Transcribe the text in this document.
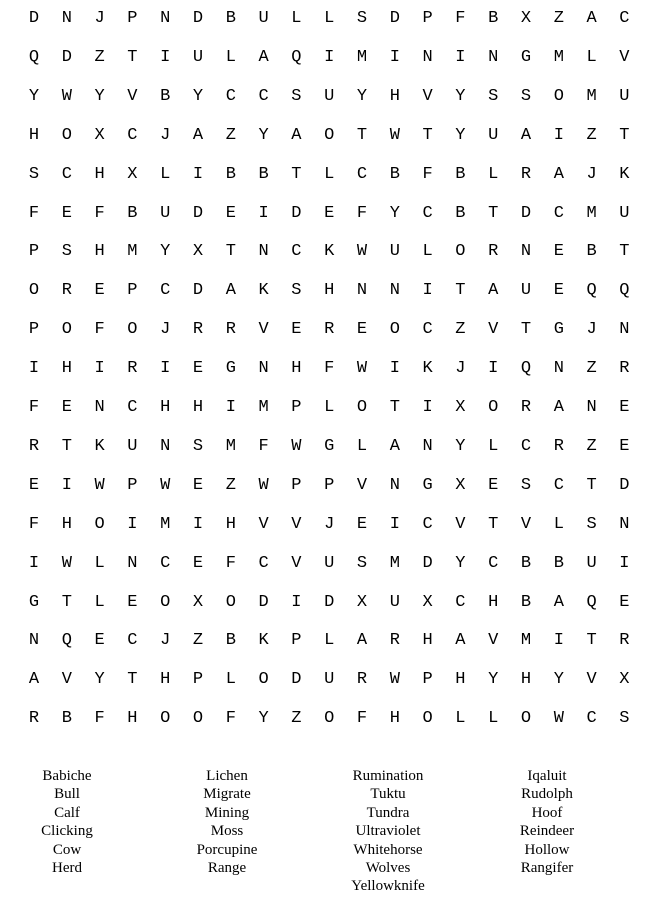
D	N	J	P	N	D	B	U	L	L	S	D	P	F	B	X	Z	A	C
Q	D	Z	T	I	U	L	A	Q	I	M	I	N	I	N	G	M	L	V
Y	W	Y	V	B	Y	C	C	S	U	Y	H	V	Y	S	S	O	M	U
H	O	X	C	J	A	Z	Y	A	O	T	W	T	Y	U	A	I	Z	T
S	C	H	X	L	I	B	B	T	L	C	B	F	B	L	R	A	J	K
F	E	F	B	U	D	E	I	D	E	F	Y	C	B	T	D	C	M	U
P	S	H	M	Y	X	T	N	C	K	W	U	L	O	R	N	E	B	T
O	R	E	P	C	D	A	K	S	H	N	N	I	T	A	U	E	Q	Q
P	O	F	O	J	R	R	V	E	R	E	O	C	Z	V	T	G	J	N
I	H	I	R	I	E	G	N	H	F	W	I	K	J	I	Q	N	Z	R
F	E	N	C	H	H	I	M	P	L	O	T	I	X	O	R	A	N	E
R	T	K	U	N	S	M	F	W	G	L	A	N	Y	L	C	R	Z	E
E	I	W	P	W	E	Z	W	P	P	V	N	G	X	E	S	C	T	D
F	H	O	I	M	I	H	V	V	J	E	I	C	V	T	V	L	S	N
I	W	L	N	C	E	F	C	V	U	S	M	D	Y	C	B	B	U	I
G	T	L	E	O	X	O	D	I	D	X	U	X	C	H	B	A	Q	E
N	Q	E	C	J	Z	B	K	P	L	A	R	H	A	V	M	I	T	R
A	V	Y	T	H	P	L	O	D	U	R	W	P	H	Y	H	Y	V	X
R	B	F	H	O	O	F	Y	Z	O	F	H	O	L	L	O	W	C	S
Babiche
Bull
Calf
Clicking
Cow
Herd
Lichen
Migrate
Mining
Moss
Porcupine
Range
Rumination
Tuktu
Tundra
Ultraviolet
Whitehorse
Wolves
Yellowknife
Iqaluit
Rudolph
Hoof
Reindeer
Hollow
Rangifer
